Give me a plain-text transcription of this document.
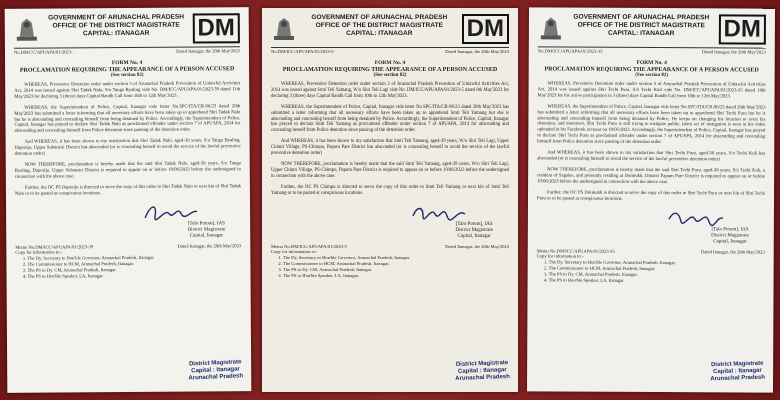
GOVERNMENT OF ARUNACHAL PRADESH
OFFICE OF THE DISTRICT MAGISTRATE
CAPITAL: ITANAGAR	DM
No.DM/CC/APUAPA/01/2023-	Dated Itanagar, the 20th May'2023
FORM No. 4
PROCLAMATION REQUIRING THE APPEARANCE OF A PERSON ACCUSED
(See section 82)

WHEREAS, Preventive Detention order under section 3 of Arunachal Pradesh Prevention of Unlawful Activities Act, 2014 was issued against Shri Tadak Nalo, S/o Tanga Byaling vide No. DM/ICC/APUAPA/01/2023-39 dated 11th May'2023 for declaring 3 (three) days Capital Bandh Call from 10th to 12th May'2023.

WHEREAS, the Superintendent of Police, Capital, Itanagar vide letter No.SPC/ITA/CR-96/23 dated 20th May'2023 has submitted a letter informing that all necessary efforts have been taken up to apprehend Shri Tadak Nalo but he is absconding and concealing himself from being detained by Police. Accordingly, the Superintendent of Police, Capital, Itanagar has prayed to declare Shri Tadak Nalo as proclaimed offender under section 7 of APUAPA, 2014 for absconding and concealing himself from Police detention since passing of the detention order.

And WHEREAS, it has been shown to my satisfaction that Shri Tadak Nalo, aged-30 years, S/o Tanga Byaling, Daporijo, Upper Subansiri District has absconded (or is concealing herself to avoid the service of the lawful preventive detention order)

NOW THEREFORE, proclamation is hereby made that the said Shri Tadak Nalo, aged-30 years, S/o Tanga Byaling, Daporijo, Upper Subansiri District is required to appear on or before 19/06/2023 before the undersigned in connection with the above case.

Further, the OC PS Daporijo is directed to serve the copy of this order to Shri Tadak Nalo or next kin of Shri Tadak Nalo or to be pasted at conspicuous locations.

[Talo Potom], IAS
District Magistrate
Capital, Itanagar
Memo No.DM/ICC/APUAPA/01/2023-39	Dated Itanagar, the 20th May'2023
Copy for information to:-
1. The Dy. Secretary to Hon'ble Governor, Arunachal Pradesh, Itanagar.
2. The Commissioner to HCM, Arunachal Pradesh, Itanagar.
3. The PS to Dy. CM, Arunachal Pradesh, Itanagar.
4. The PS to Hon'ble Speaker, LA, Itanagar.
District Magistrate
Capital : Itanagar
Arunachal Pradesh
GOVERNMENT OF ARUNACHAL PRADESH
OFFICE OF THE DISTRICT MAGISTRATE
CAPITAL: ITANAGAR	DM
No.DM/ICC/APUAPA/01/2023-5	Dated Itanagar, the 20th May'2023
FORM No. 4
PROCLAMATION REQUIRING THE APPEARANCE OF A PERSON ACCUSED
(See section 82)

WHEREAS, Preventive Detention order under section 3 of Arunachal Pradesh Prevention of Unlawful Activities Act, 2014 was issued against Smti Teli Yamang, W/o Shri Teli Lagi vide No. DM/ICC/APUAPA/01/2023-5 dated 8th May'2023 for declaring 3 (three) days Capital Bandh Call from 10th to 12th May'2023.

WHEREAS, the Superintendent of Police, Capital, Itanagar vide letter No.SPC/ITA/CR-96/23 dated 20th May'2023 has submitted a letter informing that all necessary efforts have been taken up to apprehend Smti Teli Yamang but she is absconding and concealing herself from being detained by Police. Accordingly, the Superintendent of Police, Capital, Itanagar has prayed to declare Smti Teli Yamang as proclaimed offender under section 7 of APUAPA, 2014 for absconding and concealing herself from Police detention since passing of the detention order.

And WHEREAS, it has been shown to my satisfaction that Smti Teli Yamang, aged-39 years, W/o Shri Teli Lagi, Upper Chimri Village, PS-Chimpu, Papum Pare District has absconded (or is concealing herself to avoid the service of the lawful preventive detention order)

NOW THEREFORE, proclamation is hereby made that the said Smti Teli Yamang, aged-39 years, W/o Shri Teli Lagi, Upper Chimri Village, PS-Chimpu, Papum Pare District is required to appear on or before 19/06/2023 before the undersigned in connection with the above case.

Further, the OC PS Chimpu is directed to serve the copy of this order to Smti Teli Yamang or next kin of Smti Teli Yamang or to be pasted at conspicuous locations.

[Talo Potom], IAS
District Magistrate
Capital, Itanagar
Memo No.DM/ICC/APUAPA/01/2023-5	Dated Itanagar, the 20th May'2023
Copy for information to:-
1. The Dy. Secretary to Hon'ble Governor, Arunachal Pradesh, Itanagar.
2. The Commissioner to HCM, Arunachal Pradesh, Itanagar.
3. The PS to Dy. CM, Arunachal Pradesh, Itanagar.
4. The PS to Hon'ble Speaker, LA, Itanagar.
District Magistrate
Capital : Itanagar
Arunachal Pradesh
GOVERNMENT OF ARUNACHAL PRADESH
OFFICE OF THE DISTRICT MAGISTRATE
CAPITAL: ITANAGAR	DM
No.DM/ICC/APUAPA/01/2023-35	Dated Itanagar, the 20th May'2023
FORM No. 4
PROCLAMATION REQUIRING THE APPEARANCE OF A PERSON ACCUSED
(See section 82)

WHEREAS, Preventive Detention order under section 3 of Arunachal Pradesh Prevention of Unlawful Activities Act, 2014 was issued against Shri Techi Puru, S/o Techi Kuli vide No. DM/ICC/APUAPA/01/2023-35 dated 10th May'2023 for his active participation in 3 (three) days Capital Bandh Call from 10th to 12th May'2023.

WHEREAS, the Superintendent of Police, Capital, Itanagar vide letter No.SPC/ITA/CR-96/23 dated 20th May'2023 has submitted a letter informing that all necessary efforts have been taken up to apprehend Shri Techi Puru but he is absconding and concealing himself from being detained by Police. He keeps on changing his location to avert his detention, and moreover, Shri Techi Puru is still trying to instigate public, latest act of instigation is seen in his video uploaded in his Facebook account on 18/05/2023. Accordingly, the Superintendent of Police, Capital, Itanagar has prayed to declare Shri Techi Puru as proclaimed offender under section 7 of APUAPA, 2014 for absconding and concealing himself from Police detention since passing of the detention order.

And WHEREAS, it has been shown to my satisfaction that Shri Techi Puru, aged-38 years, S/o Techi Kuli has absconded (or is concealing himself to avoid the service of the lawful preventive detention order)

NOW THEREFORE, proclamation is hereby made that the said Shri Techi Puru, aged-38 years, S/o Techi Kuli, a resident of Sagalee, and presently residing at Doimukh, District Papum Pare District is required to appear on or before 19/06/2023 before the undersigned in connection with the above case.

Further, the OC PS Doimukh is directed to serve the copy of this order to Shri Techi Puru or next kin of Shri Techi Puru or to be pasted at conspicuous locations.

[Talo Potom], IAS
District Magistrate
Capital, Itanagar
Memo No.DM/ICC/APUAPA/01/2023-35	Dated Itanagar, the 20th May'2023
Copy for information to:-
1. The Dy. Secretary to Hon'ble Governor, Arunachal Pradesh, Itanagar.
2. The Commissioner to HCM, Arunachal Pradesh, Itanagar.
3. The PS to Dy. CM, Arunachal Pradesh, Itanagar.
4. The PS to Hon'ble Speaker, LA, Itanagar.
District Magistrate
Capital : Itanagar
Arunachal Pradesh
